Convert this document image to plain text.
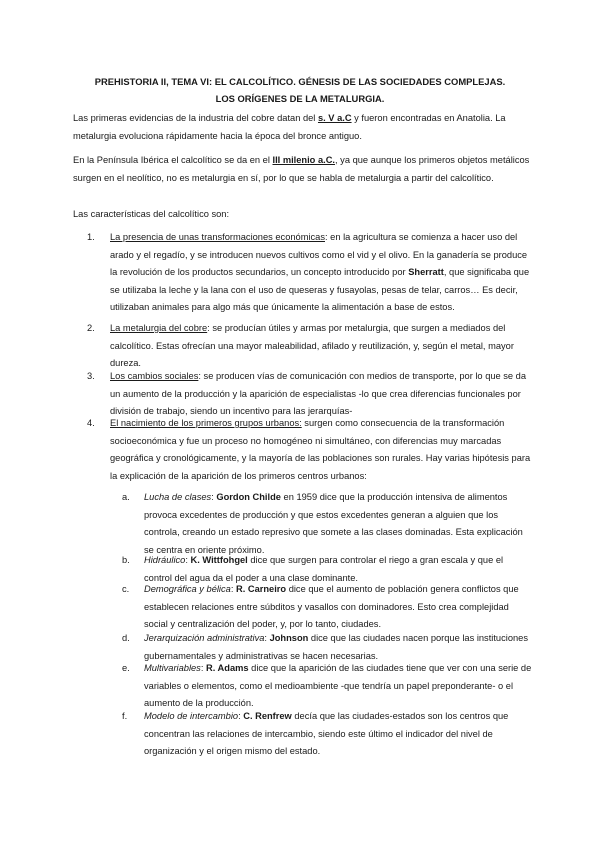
PREHISTORIA II, TEMA VI: EL CALCOLÍTICO. GÉNESIS DE LAS SOCIEDADES COMPLEJAS. LOS ORÍGENES DE LA METALURGIA.

Las primeras evidencias de la industria del cobre datan del s. V a.C y fueron encontradas en Anatolia. La metalurgia evoluciona rápidamente hacia la época del bronce antiguo.

En la Península Ibérica el calcolítico se da en el III milenio a.C., ya que aunque los primeros objetos metálicos surgen en el neolítico, no es metalurgia en sí, por lo que se habla de metalurgia a partir del calcolítico.

Las características del calcolítico son:

1. La presencia de unas transformaciones económicas: en la agricultura se comienza a hacer uso del arado y el regadío, y se introducen nuevos cultivos como el vid y el olivo. En la ganadería se produce la revolución de los productos secundarios, un concepto introducido por Sherratt, que significaba que se utilizaba la leche y la lana con el uso de queseras y fusayolas, pesas de telar, carros… Es decir, utilizaban animales para algo más que únicamente la alimentación a base de estos.
2. La metalurgia del cobre: se producían útiles y armas por metalurgia, que surgen a mediados del calcolítico. Estas ofrecían una mayor maleabilidad, afilado y reutilización, y, según el metal, mayor dureza.
3. Los cambios sociales: se producen vías de comunicación con medios de transporte, por lo que se da un aumento de la producción y la aparición de especialistas -lo que crea diferencias funcionales por división de trabajo, siendo un incentivo para las jerarquías-
4. El nacimiento de los primeros grupos urbanos: surgen como consecuencia de la transformación socioeconómica y fue un proceso no homogéneo ni simultáneo, con diferencias muy marcadas geográfica y cronológicamente, y la mayoría de las poblaciones son rurales. Hay varias hipótesis para la explicación de la aparición de los primeros centros urbanos:
a. Lucha de clases: Gordon Childe en 1959 dice que la producción intensiva de alimentos provoca excedentes de producción y que estos excedentes generan a alguien que los controla, creando un estado represivo que somete a las clases dominadas. Esta explicación se centra en oriente próximo.
b. Hidráulico: K. Wittfohgel dice que surgen para controlar el riego a gran escala y que el control del agua da el poder a una clase dominante.
c. Demográfica y bélica: R. Carneiro dice que el aumento de población genera conflictos que establecen relaciones entre súbditos y vasallos con dominadores. Esto crea complejidad social y centralización del poder, y, por lo tanto, ciudades.
d. Jerarquización administrativa: Johnson dice que las ciudades nacen porque las instituciones gubernamentales y administrativas se hacen necesarias.
e. Multivariables: R. Adams dice que la aparición de las ciudades tiene que ver con una serie de variables o elementos, como el medioambiente -que tendría un papel preponderante- o el aumento de la producción.
f. Modelo de intercambio: C. Renfrew decía que las ciudades-estados son los centros que concentran las relaciones de intercambio, siendo este último el indicador del nivel de organización y el origen mismo del estado.
